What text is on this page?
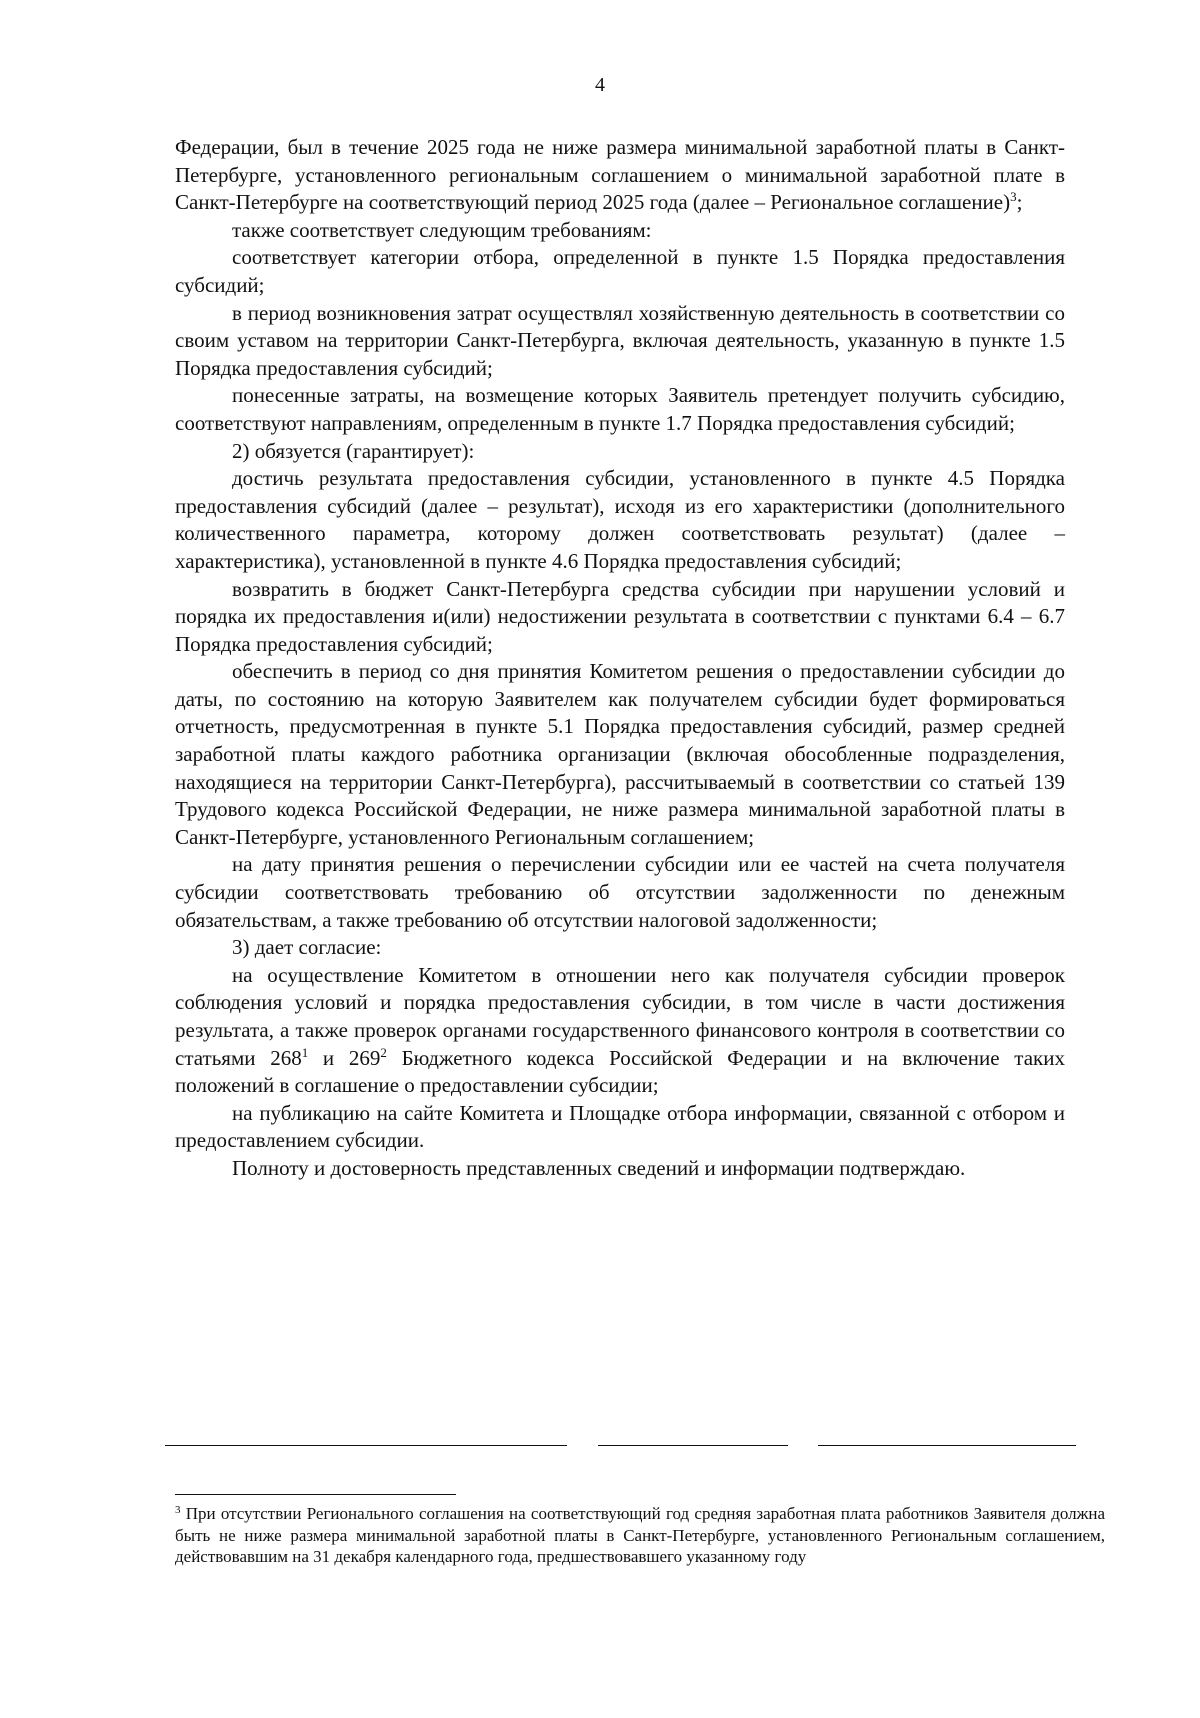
4

Федерации, был в течение 2025 года не ниже размера минимальной заработной платы в Санкт-Петербурге, установленного региональным соглашением о минимальной заработной плате в Санкт-Петербурге на соответствующий период 2025 года (далее – Региональное соглашение)$^3$;

также соответствует следующим требованиям:

соответствует категории отбора, определенной в пункте 1.5 Порядка предоставления субсидий;

в период возникновения затрат осуществлял хозяйственную деятельность в соответствии со своим уставом на территории Санкт-Петербурга, включая деятельность, указанную в пункте 1.5 Порядка предоставления субсидий;

понесенные затраты, на возмещение которых Заявитель претендует получить субсидию, соответствуют направлениям, определенным в пункте 1.7 Порядка предоставления субсидий;

2) обязуется (гарантирует):

достичь результата предоставления субсидии, установленного в пункте 4.5 Порядка предоставления субсидий (далее – результат), исходя из его характеристики (дополнительного количественного параметра, которому должен соответствовать результат) (далее – характеристика), установленной в пункте 4.6 Порядка предоставления субсидий;

возвратить в бюджет Санкт-Петербурга средства субсидии при нарушении условий и порядка их предоставления и(или) недостижении результата в соответствии с пунктами 6.4 – 6.7 Порядка предоставления субсидий;

обеспечить в период со дня принятия Комитетом решения о предоставлении субсидии до даты, по состоянию на которую Заявителем как получателем субсидии будет формироваться отчетность, предусмотренная в пункте 5.1 Порядка предоставления субсидий, размер средней заработной платы каждого работника организации (включая обособленные подразделения, находящиеся на территории Санкт-Петербурга), рассчитываемый в соответствии со статьей 139 Трудового кодекса Российской Федерации, не ниже размера минимальной заработной платы в Санкт-Петербурге, установленного Региональным соглашением;

на дату принятия решения о перечислении субсидии или ее частей на счета получателя субсидии соответствовать требованию об отсутствии задолженности по денежным обязательствам, а также требованию об отсутствии налоговой задолженности;

3) дает согласие:

на осуществление Комитетом в отношении него как получателя субсидии проверок соблюдения условий и порядка предоставления субсидии, в том числе в части достижения результата, а также проверок органами государственного финансового контроля в соответствии со статьями $268^1$ и $269^2$ Бюджетного кодекса Российской Федерации и на включение таких положений в соглашение о предоставлении субсидии;

на публикацию на сайте Комитета и Площадке отбора информации, связанной с отбором и предоставлением субсидии.

Полноту и достоверность представленных сведений и информации подтверждаю.

$^3$ При отсутствии Регионального соглашения на соответствующий год средняя заработная плата работников Заявителя должна быть не ниже размера минимальной заработной платы в Санкт-Петербурге, установленного Региональным соглашением, действовавшим на 31 декабря календарного года, предшествовавшего указанному году
